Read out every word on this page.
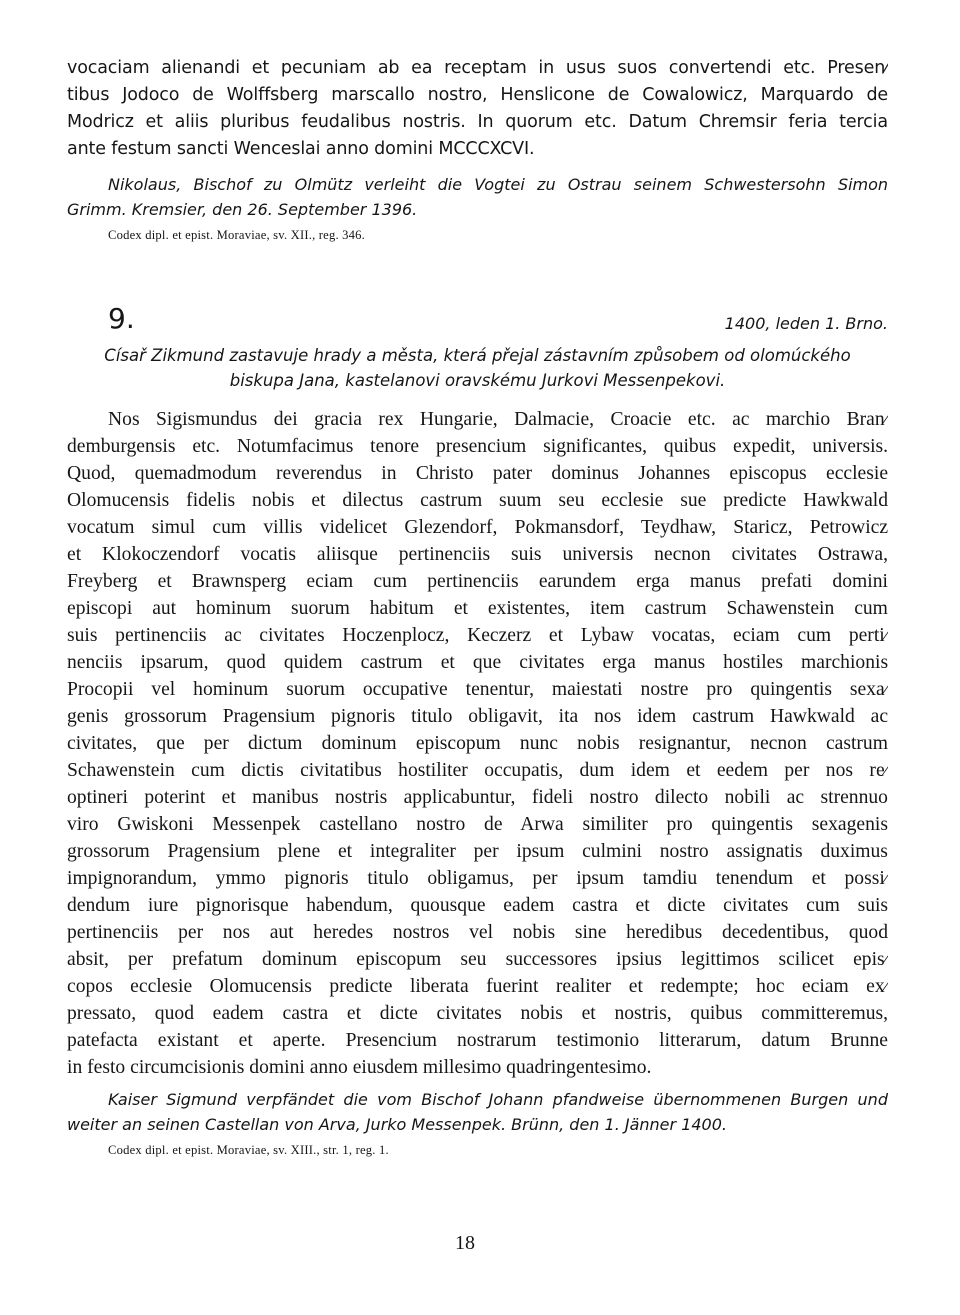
vocaciam alienandi et pecuniam ab ea receptam in usus suos convertendi etc. Presen⁄
tibus Jodoco de Wolffsberg marscallo nostro, Henslicone de Cowalowicz, Marquardo de
Modricz et aliis pluribus feudalibus nostris. In quorum etc. Datum Chremsir feria tercia
ante festum sancti Wenceslai anno domini MCCCXCVI.
Nikolaus, Bischof zu Olmütz verleiht die Vogtei zu Ostrau seinem Schwestersohn Simon
Grimm. Kremsier, den 26. September 1396.
Codex dipl. et epist. Moraviae, sv. XII., reg. 346.
9.	1400, leden 1. Brno.
Císař Zikmund zastavuje hrady a města, která přejal zástavním způsobem od olomúckého
biskupa Jana, kastelanovi oravskému Jurkovi Messenpekovi.
Nos Sigismundus dei gracia rex Hungarie, Dalmacie, Croacie etc. ac marchio Bran⁄
demburgensis etc. Notumfacimus tenore presencium significantes, quibus expedit, universis.
Quod, quemadmodum reverendus in Christo pater dominus Johannes episcopus ecclesie
Olomucensis fidelis nobis et dilectus castrum suum seu ecclesie sue predicte Hawkwald
vocatum simul cum villis videlicet Glezendorf, Pokmansdorf, Teydhaw, Staricz, Petrowicz
et Klokoczendorf vocatis aliisque pertinenciis suis universis necnon civitates Ostrawa,
Freyberg et Brawnsperg eciam cum pertinenciis earundem erga manus prefati domini
episcopi aut hominum suorum habitum et existentes, item castrum Schawenstein cum
suis pertinenciis ac civitates Hoczenplocz, Keczerz et Lybaw vocatas, eciam cum perti⁄
nenciis ipsarum, quod quidem castrum et que civitates erga manus hostiles marchionis
Procopii vel hominum suorum occupative tenentur, maiestati nostre pro quingentis sexa⁄
genis grossorum Pragensium pignoris titulo obligavit, ita nos idem castrum Hawkwald ac
civitates, que per dictum dominum episcopum nunc nobis resignantur, necnon castrum
Schawenstein cum dictis civitatibus hostiliter occupatis, dum idem et eedem per nos re⁄
optineri poterint et manibus nostris applicabuntur, fideli nostro dilecto nobili ac strennuo
viro Gwiskoni Messenpek castellano nostro de Arwa similiter pro quingentis sexagenis
grossorum Pragensium plene et integraliter per ipsum culmini nostro assignatis duximus
impignorandum, ymmo pignoris titulo obligamus, per ipsum tamdiu tenendum et possi⁄
dendum iure pignorisque habendum, quousque eadem castra et dicte civitates cum suis
pertinenciis per nos aut heredes nostros vel nobis sine heredibus decedentibus, quod
absit, per prefatum dominum episcopum seu successores ipsius legittimos scilicet epis⁄
copos ecclesie Olomucensis predicte liberata fuerint realiter et redempte; hoc eciam ex⁄
pressato, quod eadem castra et dicte civitates nobis et nostris, quibus committeremus,
patefacta existant et aperte. Presencium nostrarum testimonio litterarum, datum Brunne
in festo circumcisionis domini anno eiusdem millesimo quadringentesimo.
Kaiser Sigmund verpfändet die vom Bischof Johann pfandweise übernommenen Burgen und
weiter an seinen Castellan von Arva, Jurko Messenpek. Brünn, den 1. Jänner 1400.
Codex dipl. et epist. Moraviae, sv. XIII., str. 1, reg. 1.
18
